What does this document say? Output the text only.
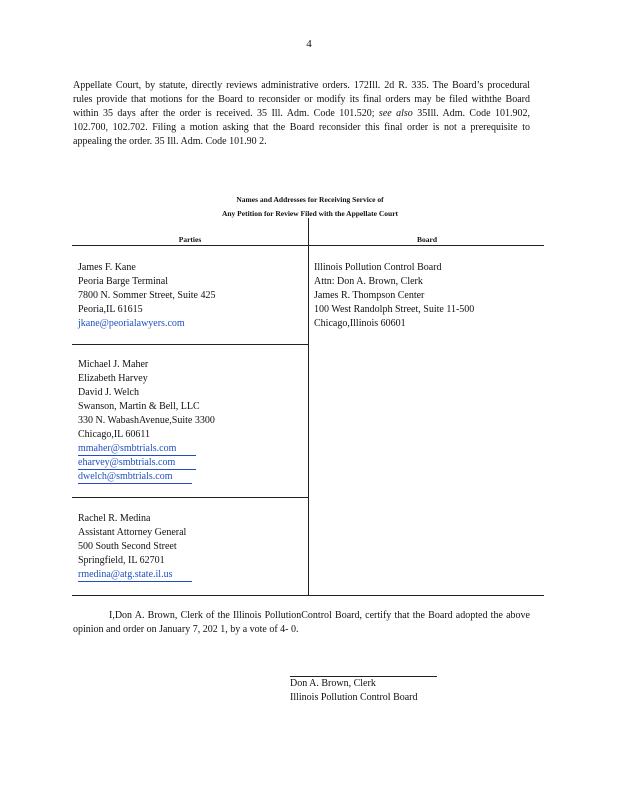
4

Appellate Court, by statute, directly reviews administrative orders. 172Ill. 2d R. 335. The Board’s procedural rules provide that motions for the Board to reconsider or modify its final orders may be filed withthe Board within 35 days after the order is received. 35 Ill. Adm. Code 101.520; see also 35Ill. Adm. Code 101.902, 102.700, 102.702. Filing a motion asking that the Board reconsider this final order is not a prerequisite to appealing the order. 35 Ill. Adm. Code 101.90 2.

Names and Addresses for Receiving Service of
Any Petition for Review Filed with the Appellate Court
Parties	Board
James F. Kane
Peoria Barge Terminal
7800 N. Sommer Street, Suite 425
Peoria,IL 61615
jkane@peorialawyers.com
Michael J. Maher
Elizabeth Harvey
David J. Welch
Swanson, Martin & Bell, LLC
330 N. WabashAvenue,Suite 3300
Chicago,IL 60611
mmaher@smbtrials.com
eharvey@smbtrials.com
dwelch@smbtrials.com
Rachel R. Medina
Assistant Attorney General
500 South Second Street
Springfield, IL 62701
rmedina@atg.state.il.us
Illinois Pollution Control Board
Attn: Don A. Brown, Clerk
James R. Thompson Center
100 West Randolph Street, Suite 11-500
Chicago,Illinois 60601
I,Don A. Brown, Clerk of the Illinois PollutionControl Board, certify that the Board adopted the above opinion and order on January 7, 202 1, by a vote of 4- 0.
Don A. Brown, Clerk
Illinois Pollution Control Board
